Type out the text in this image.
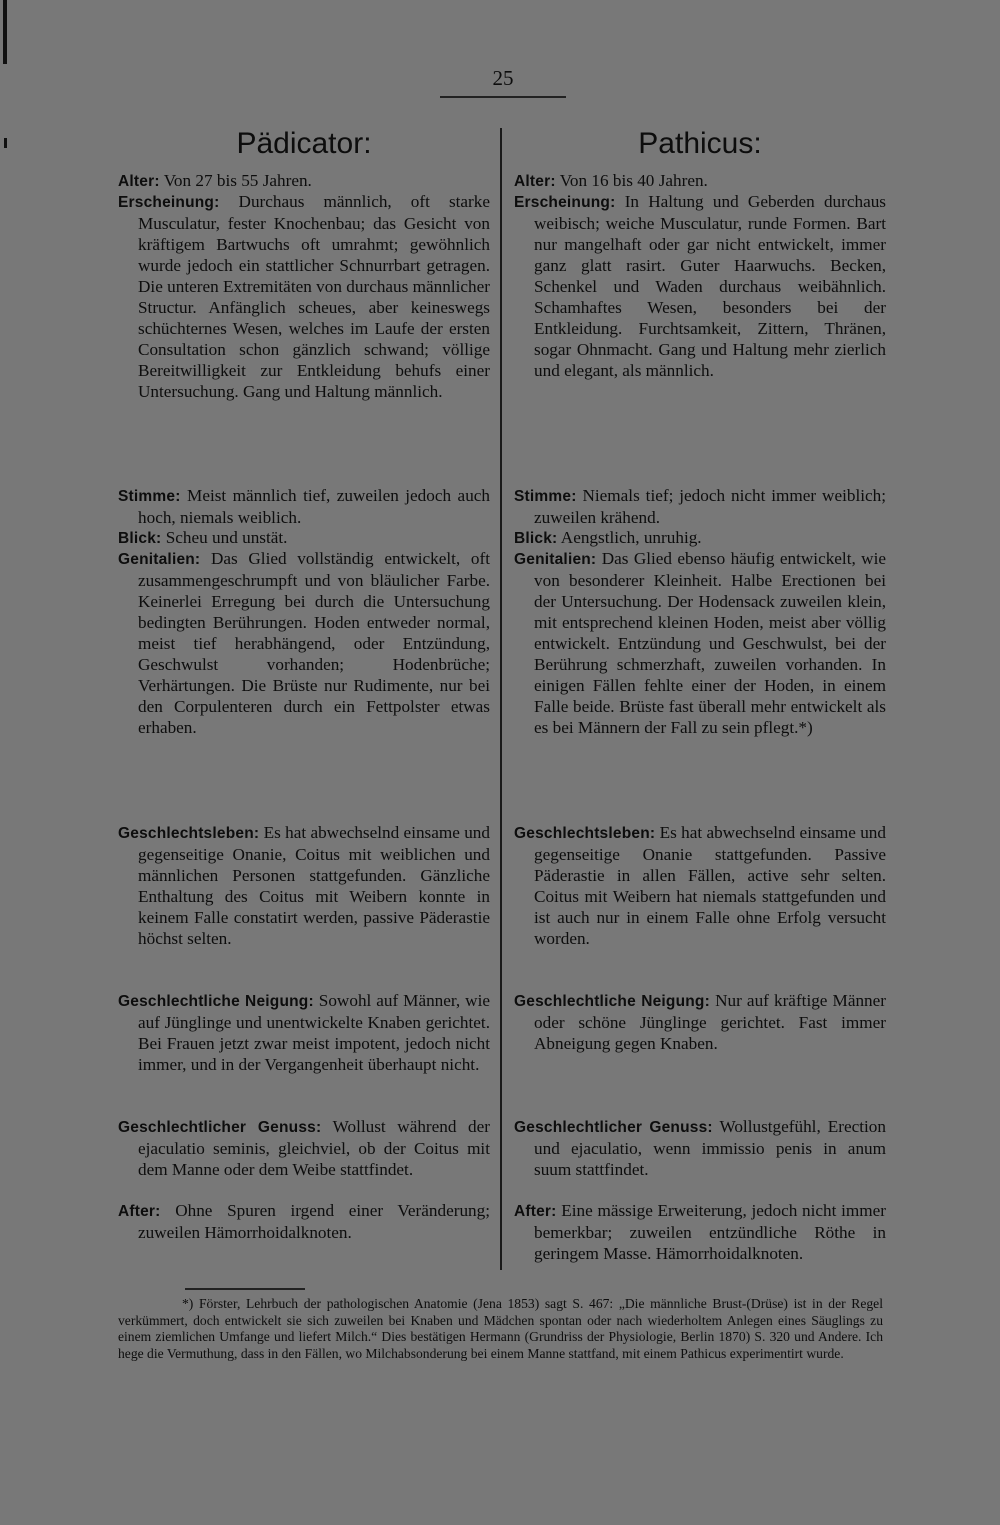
25
Pädicator:

Alter: Von 27 bis 55 Jahren.

Erscheinung: Durchaus männlich, oft starke Musculatur, fester Knochenbau; das Gesicht von kräftigem Bartwuchs oft umrahmt; gewöhnlich wurde jedoch ein stattlicher Schnurrbart getragen. Die unteren Extremitäten von durchaus männlicher Structur. Anfänglich scheues, aber keineswegs schüchternes Wesen, welches im Laufe der ersten Consultation schon gänzlich schwand; völlige Bereitwilligkeit zur Entkleidung behufs einer Untersuchung. Gang und Haltung männlich.

Stimme: Meist männlich tief, zuweilen jedoch auch hoch, niemals weiblich.

Blick: Scheu und unstät.

Genitalien: Das Glied vollständig entwickelt, oft zusammengeschrumpft und von bläulicher Farbe. Keinerlei Erregung bei durch die Untersuchung bedingten Berührungen. Hoden entweder normal, meist tief herabhängend, oder Entzündung, Geschwulst vorhanden; Hodenbrüche; Verhärtungen. Die Brüste nur Rudimente, nur bei den Corpulenteren durch ein Fettpolster etwas erhaben.

Geschlechtsleben: Es hat abwechselnd einsame und gegenseitige Onanie, Coitus mit weiblichen und männlichen Personen stattgefunden. Gänzliche Enthaltung des Coitus mit Weibern konnte in keinem Falle constatirt werden, passive Päderastie höchst selten.

Geschlechtliche Neigung: Sowohl auf Männer, wie auf Jünglinge und unentwickelte Knaben gerichtet. Bei Frauen jetzt zwar meist impotent, jedoch nicht immer, und in der Vergangenheit überhaupt nicht.

Geschlechtlicher Genuss: Wollust während der ejaculatio seminis, gleichviel, ob der Coitus mit dem Manne oder dem Weibe stattfindet.

After: Ohne Spuren irgend einer Veränderung; zuweilen Hämorrhoidalknoten.

Pathicus:

Alter: Von 16 bis 40 Jahren.

Erscheinung: In Haltung und Geberden durchaus weibisch; weiche Musculatur, runde Formen. Bart nur mangelhaft oder gar nicht entwickelt, immer ganz glatt rasirt. Guter Haarwuchs. Becken, Schenkel und Waden durchaus weibähnlich. Schamhaftes Wesen, besonders bei der Entkleidung. Furchtsamkeit, Zittern, Thränen, sogar Ohnmacht. Gang und Haltung mehr zierlich und elegant, als männlich.

Stimme: Niemals tief; jedoch nicht immer weiblich; zuweilen krähend.

Blick: Aengstlich, unruhig.

Genitalien: Das Glied ebenso häufig entwickelt, wie von besonderer Kleinheit. Halbe Erectionen bei der Untersuchung. Der Hodensack zuweilen klein, mit entsprechend kleinen Hoden, meist aber völlig entwickelt. Entzündung und Geschwulst, bei der Berührung schmerzhaft, zuweilen vorhanden. In einigen Fällen fehlte einer der Hoden, in einem Falle beide. Brüste fast überall mehr entwickelt als es bei Männern der Fall zu sein pflegt.*)

Geschlechtsleben: Es hat abwechselnd einsame und gegenseitige Onanie stattgefunden. Passive Päderastie in allen Fällen, active sehr selten. Coitus mit Weibern hat niemals stattgefunden und ist auch nur in einem Falle ohne Erfolg versucht worden.

Geschlechtliche Neigung: Nur auf kräftige Männer oder schöne Jünglinge gerichtet. Fast immer Abneigung gegen Knaben.

Geschlechtlicher Genuss: Wollustgefühl, Erection und ejaculatio, wenn immissio penis in anum suum stattfindet.

After: Eine mässige Erweiterung, jedoch nicht immer bemerkbar; zuweilen entzündliche Röthe in geringem Masse. Hämorrhoidalknoten.

*) Förster, Lehrbuch der pathologischen Anatomie (Jena 1853) sagt S. 467: „Die männliche Brust-(Drüse) ist in der Regel verkümmert, doch entwickelt sie sich zuweilen bei Knaben und Mädchen spontan oder nach wiederholtem Anlegen eines Säuglings zu einem ziemlichen Umfange und liefert Milch.“ Dies bestätigen Hermann (Grundriss der Physiologie, Berlin 1870) S. 320 und Andere. Ich hege die Vermuthung, dass in den Fällen, wo Milchabsonderung bei einem Manne stattfand, mit einem Pathicus experimentirt wurde.
